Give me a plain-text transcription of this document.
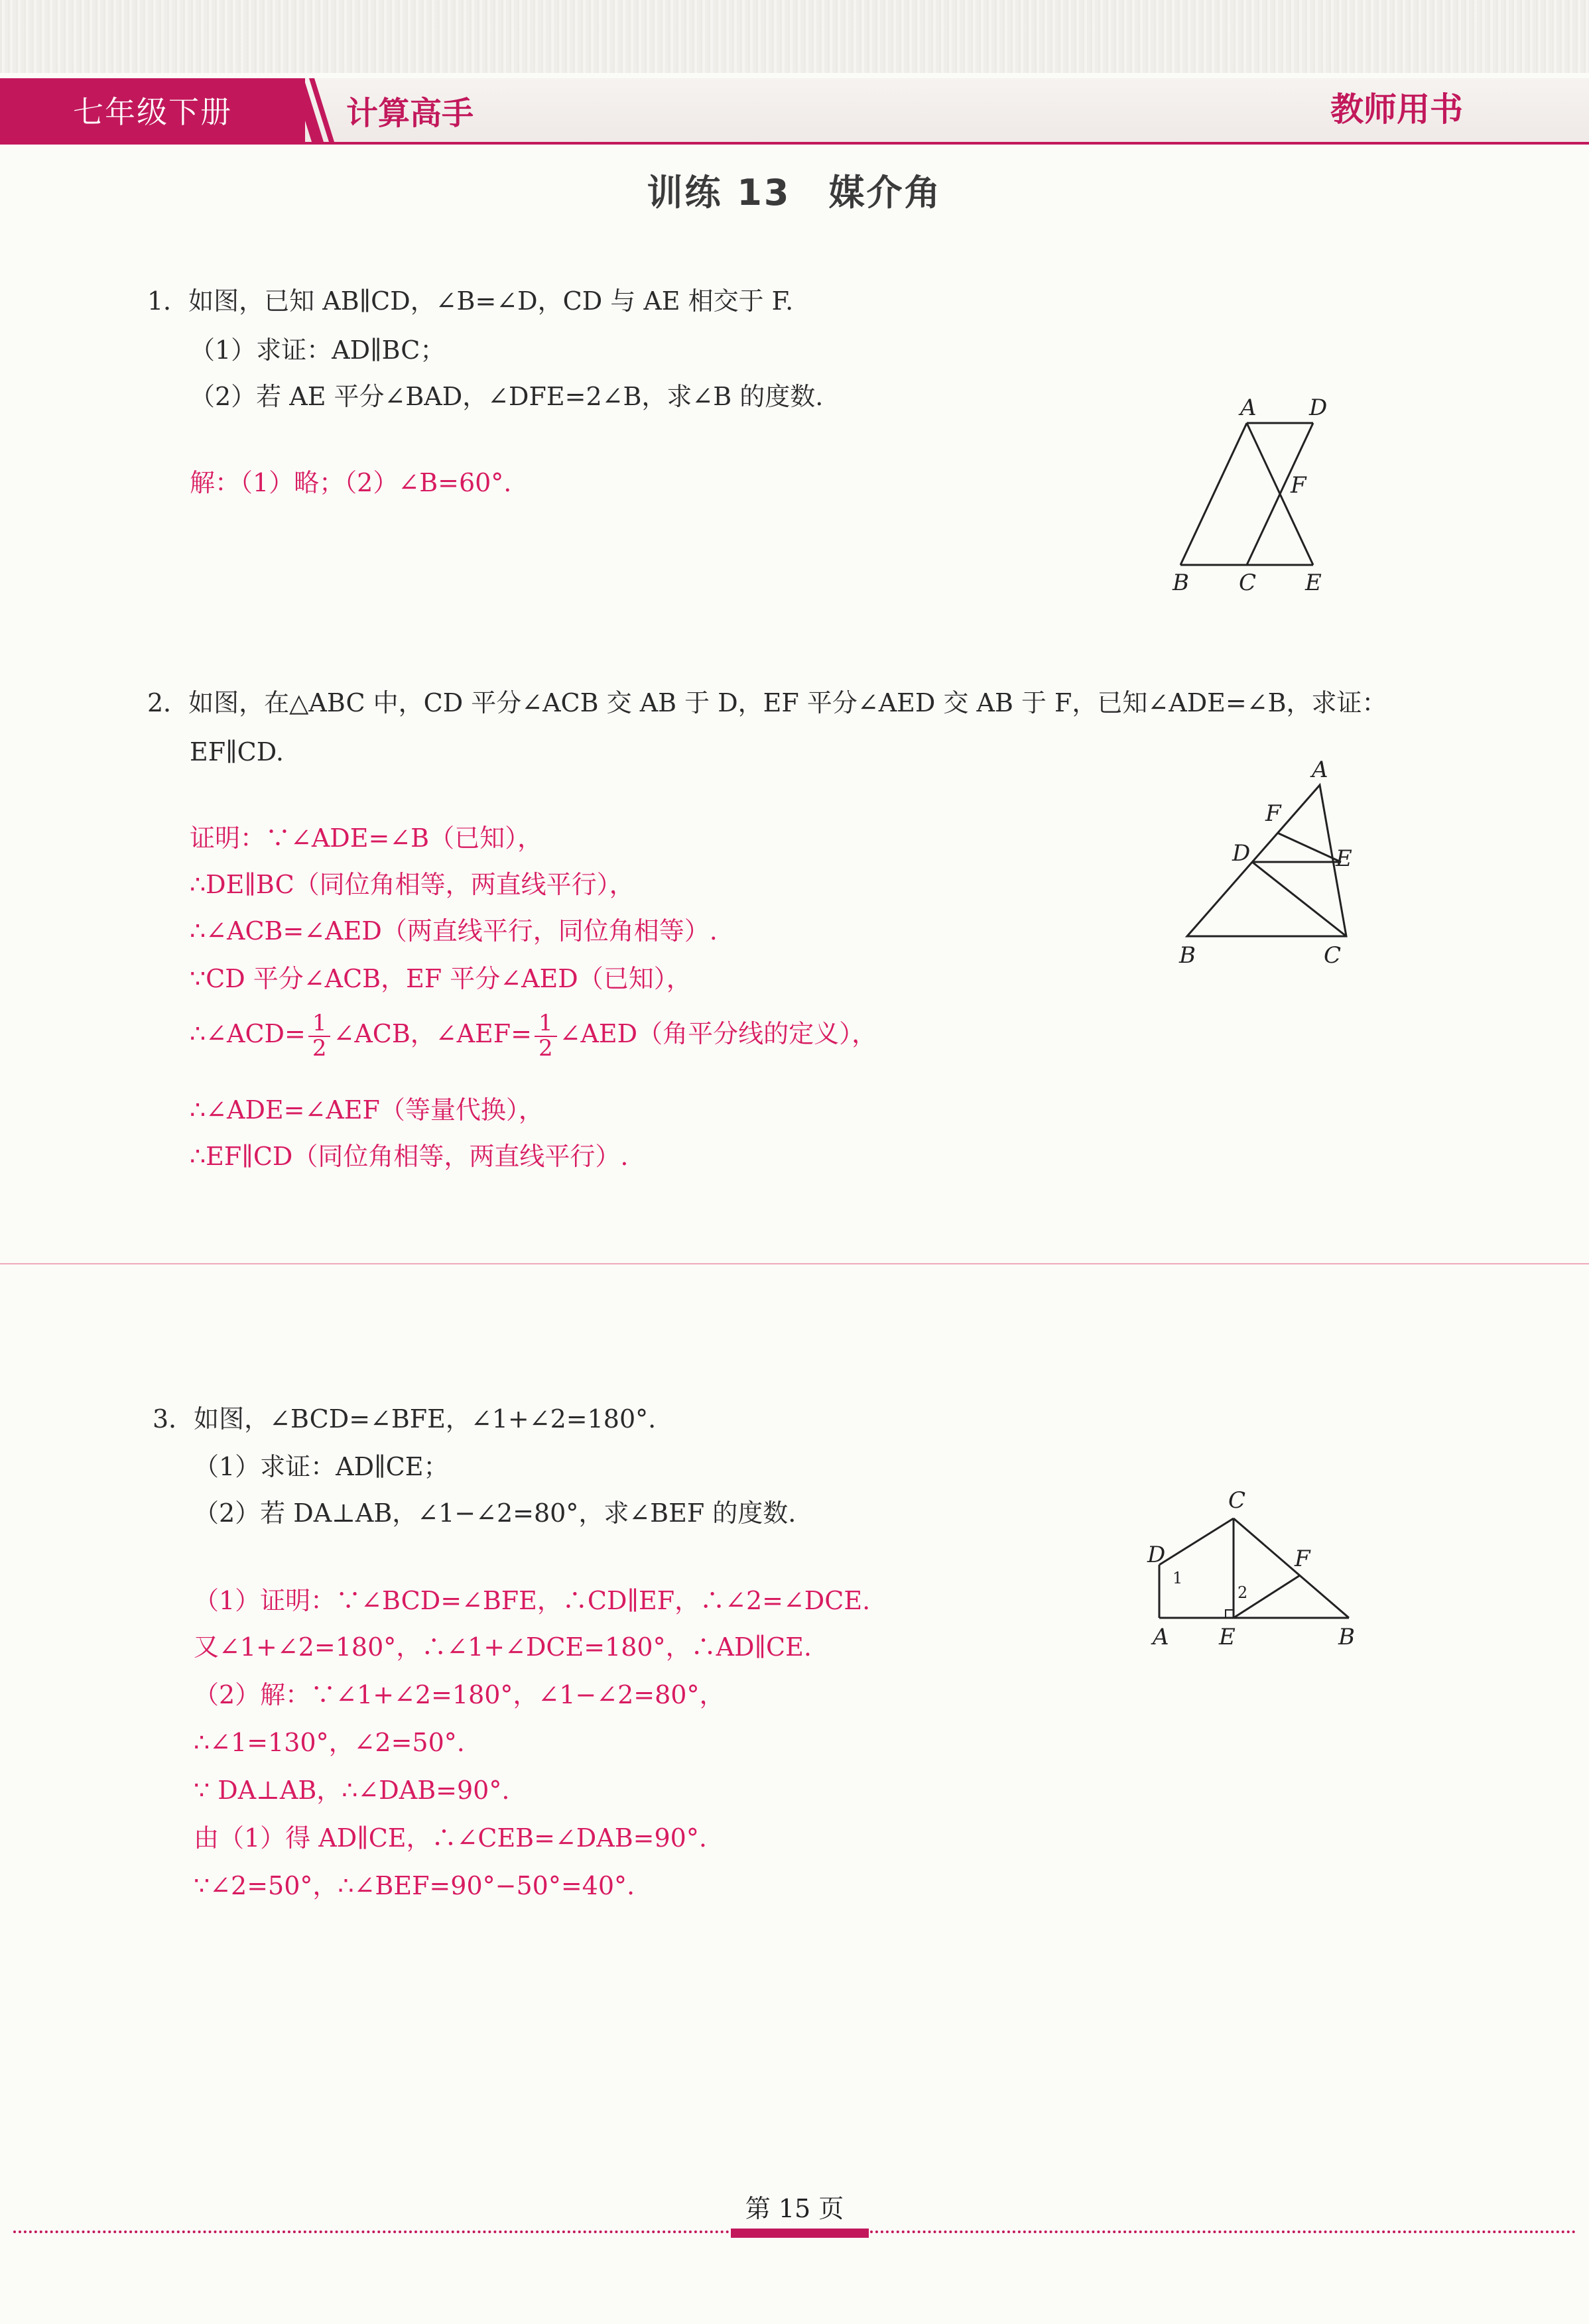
七年级下册	计算高手	教师用书
训练 13　媒介角
1．如图，已知 AB∥CD，∠B=∠D，CD 与 AE 相交于 F.
（1）求证：AD∥BC；
（2）若 AE 平分∠BAD，∠DFE=2∠B，求∠B 的度数.
解：（1）略；（2）∠B=60°.
A D
F
B C E
2．如图，在△ABC 中，CD 平分∠ACB 交 AB 于 D，EF 平分∠AED 交 AB 于 F，已知∠ADE=∠B，求证：
EF∥CD.
证明：∵∠ADE=∠B（已知），
∴DE∥BC（同位角相等，两直线平行），
∴∠ACB=∠AED（两直线平行，同位角相等）.
∵CD 平分∠ACB，EF 平分∠AED（已知），
∴∠ACD= $\frac{1}{2}$ ∠ACB，∠AEF= $\frac{1}{2}$ ∠AED（角平分线的定义），
∴∠ADE=∠AEF（等量代换），
∴EF∥CD（同位角相等，两直线平行）.
A
F
D	E
B	C
3．如图，∠BCD=∠BFE，∠1+∠2=180°.
（1）求证：AD∥CE；
（2）若 DA⊥AB，∠1−∠2=80°，求∠BEF 的度数.
（1）证明：∵∠BCD=∠BFE，∴CD∥EF，∴∠2=∠DCE.
又∠1+∠2=180°，∴∠1+∠DCE=180°，∴AD∥CE.
（2）解：∵∠1+∠2=180°，∠1−∠2=80°，
∴∠1=130°，∠2=50°.
∵ DA⊥AB，∴∠DAB=90°.
由（1）得 AD∥CE，∴∠CEB=∠DAB=90°.
∵∠2=50°，∴∠BEF=90°−50°=40°.
C
D	F
1
2
A E	B
第 15 页
